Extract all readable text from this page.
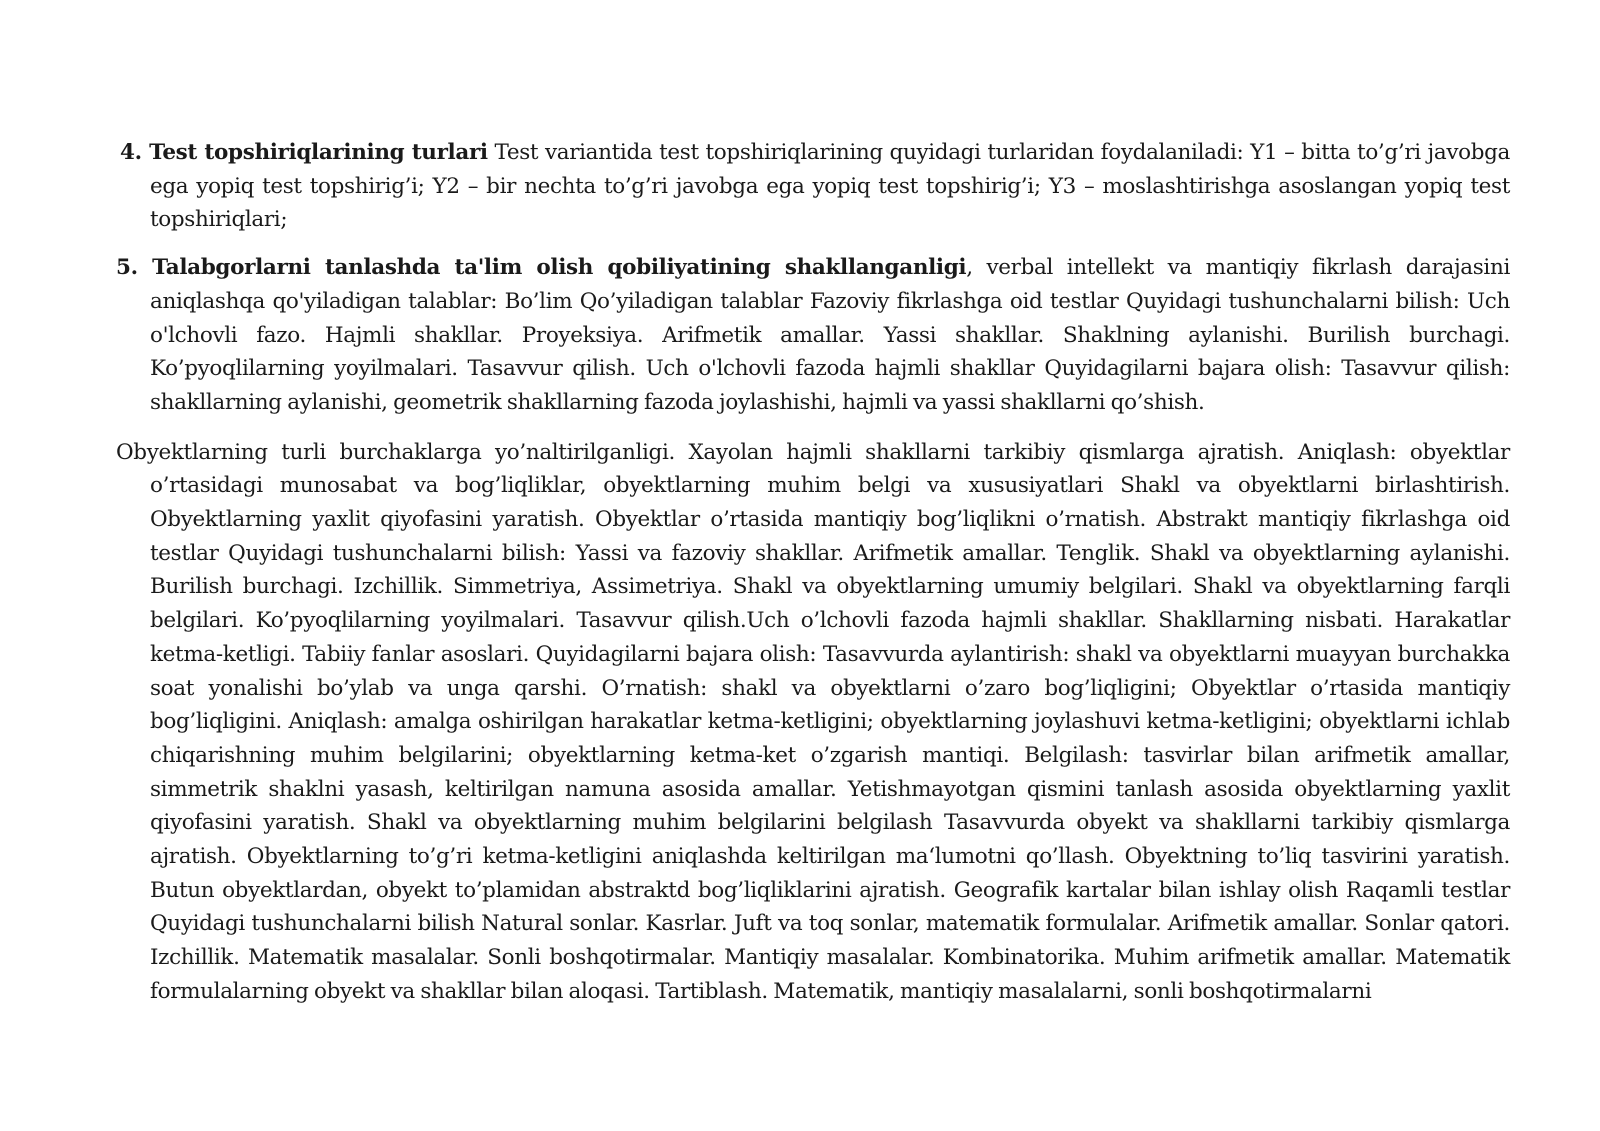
4. Test topshiriqlarining turlari Test variantida test topshiriqlarining quyidagi turlaridan foydalaniladi: Y1 – bitta to’g’ri javobga ega yopiq test topshirig’i; Y2 – bir nechta to’g’ri javobga ega yopiq test topshirig’i; Y3 – moslashtirishga asoslangan yopiq test topshiriqlari;

5. Talabgorlarni tanlashda ta'lim olish qobiliyatining shakllanganligi, verbal intellekt va mantiqiy fikrlash darajasini aniqlashqa qo'yiladigan talablar: Bo’lim Qo’yiladigan talablar Fazoviy fikrlashga oid testlar Quyidagi tushunchalarni bilish: Uch o'lchovli fazo. Hajmli shakllar. Proyeksiya. Arifmetik amallar. Yassi shakllar. Shaklning aylanishi. Burilish burchagi. Ko’pyoqlilarning yoyilmalari. Tasavvur qilish. Uch o'lchovli fazoda hajmli shakllar Quyidagilarni bajara olish: Tasavvur qilish: shakllarning aylanishi, geometrik shakllarning fazoda joylashishi, hajmli va yassi shakllarni qo’shish.

Obyektlarning turli burchaklarga yo’naltirilganligi. Xayolan hajmli shakllarni tarkibiy qismlarga ajratish. Aniqlash: obyektlar o’rtasidagi munosabat va bog’liqliklar, obyektlarning muhim belgi va xususiyatlari Shakl va obyektlarni birlashtirish. Obyektlarning yaxlit qiyofasini yaratish. Obyektlar o’rtasida mantiqiy bog’liqlikni o’rnatish. Abstrakt mantiqiy fikrlashga oid testlar Quyidagi tushunchalarni bilish: Yassi va fazoviy shakllar. Arifmetik amallar. Tenglik. Shakl va obyektlarning aylanishi. Burilish burchagi. Izchillik. Simmetriya, Assimetriya. Shakl va obyektlarning umumiy belgilari. Shakl va obyektlarning farqli belgilari. Ko’pyoqlilarning yoyilmalari. Tasavvur qilish.Uch o’lchovli fazoda hajmli shakllar. Shakllarning nisbati. Harakatlar ketma-ketligi. Tabiiy fanlar asoslari. Quyidagilarni bajara olish: Tasavvurda aylantirish: shakl va obyektlarni muayyan burchakka soat yonalishi bo’ylab va unga qarshi. O’rnatish: shakl va obyektlarni o’zaro bog’liqligini; Obyektlar o’rtasida mantiqiy bog’liqligini. Aniqlash: amalga oshirilgan harakatlar ketma-ketligini; obyektlarning joylashuvi ketma-ketligini; obyektlarni ichlab chiqarishning muhim belgilarini; obyektlarning ketma-ket o’zgarish mantiqi. Belgilash: tasvirlar bilan arifmetik amallar, simmetrik shaklni yasash, keltirilgan namuna asosida amallar. Yetishmayotgan qismini tanlash asosida obyektlarning yaxlit qiyofasini yaratish. Shakl va obyektlarning muhim belgilarini belgilash Tasavvurda obyekt va shakllarni tarkibiy qismlarga ajratish. Obyektlarning to’g’ri ketma-ketligini aniqlashda keltirilgan ma‘lumotni qo’llash. Obyektning to’liq tasvirini yaratish. Butun obyektlardan, obyekt to’plamidan abstraktd bog’liqliklarini ajratish. Geografik kartalar bilan ishlay olish Raqamli testlar Quyidagi tushunchalarni bilish Natural sonlar. Kasrlar. Juft va toq sonlar, matematik formulalar. Arifmetik amallar. Sonlar qatori. Izchillik. Matematik masalalar. Sonli boshqotirmalar. Mantiqiy masalalar. Kombinatorika. Muhim arifmetik amallar. Matematik formulalarning obyekt va shakllar bilan aloqasi. Tartiblash. Matematik, mantiqiy masalalarni, sonli boshqotirmalarni
